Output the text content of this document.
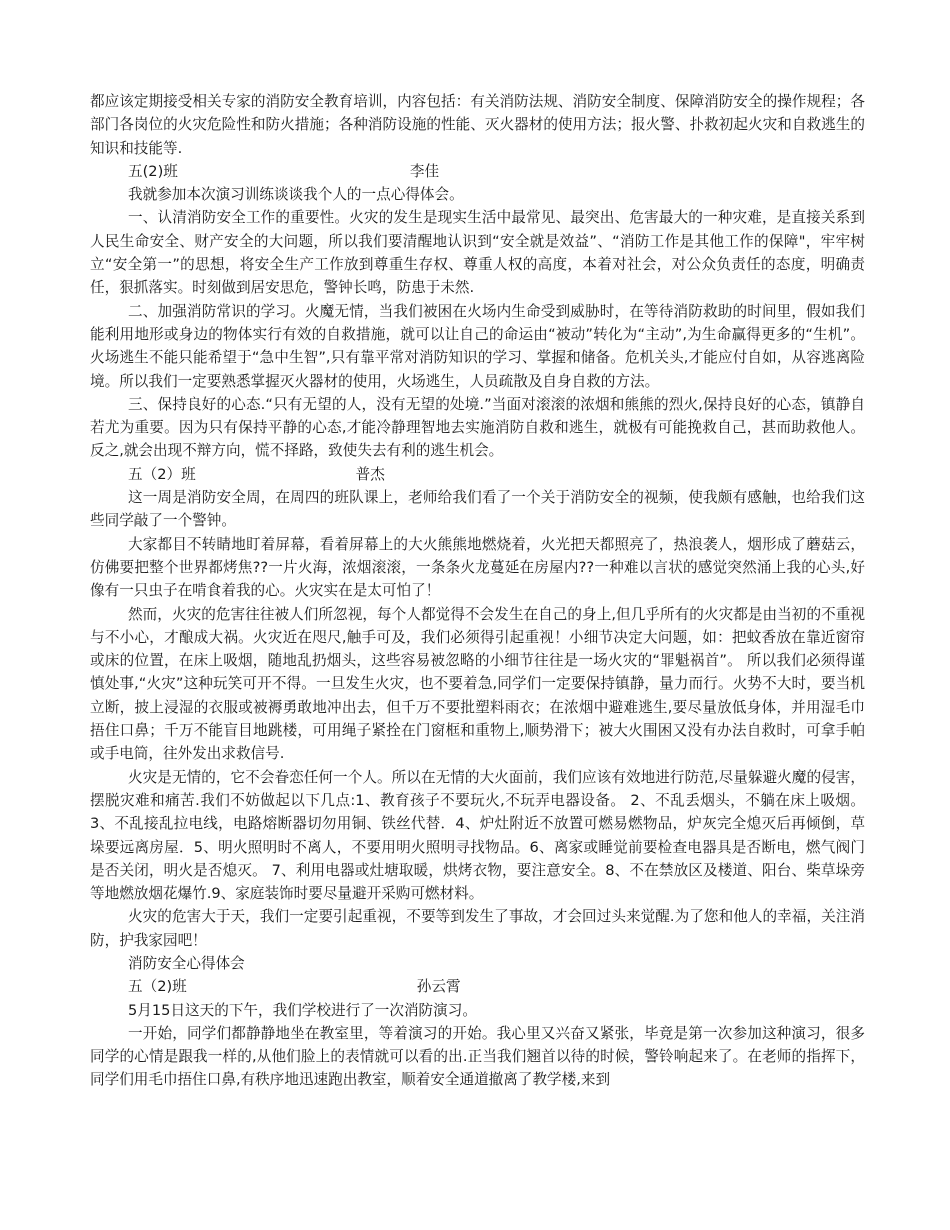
都应该定期接受相关专家的消防安全教育培训，内容包括：有关消防法规、消防安全制度、保障消防安全的操作规程；各部门各岗位的火灾危险性和防火措施；各种消防设施的性能、灭火器材的使用方法；报火警、扑救初起火灾和自救逃生的知识和技能等.

五(2)班	李佳

我就参加本次演习训练谈谈我个人的一点心得体会。

一、认清消防安全工作的重要性。火灾的发生是现实生活中最常见、最突出、危害最大的一种灾难，是直接关系到人民生命安全、财产安全的大问题，所以我们要清醒地认识到“安全就是效益”、“消防工作是其他工作的保障"，牢牢树立“安全第一”的思想，将安全生产工作放到尊重生存权、尊重人权的高度，本着对社会，对公众负责任的态度，明确责任，狠抓落实。时刻做到居安思危，警钟长鸣，防患于未然.

二、加强消防常识的学习。火魔无情，当我们被困在火场内生命受到威胁时，在等待消防救助的时间里，假如我们能利用地形或身边的物体实行有效的自救措施，就可以让自己的命运由“被动”转化为“主动”,为生命赢得更多的“生机”。火场逃生不能只能希望于“急中生智”,只有靠平常对消防知识的学习、掌握和储备。危机关头,才能应付自如，从容逃离险境。所以我们一定要熟悉掌握灭火器材的使用，火场逃生，人员疏散及自身自救的方法。

三、保持良好的心态.“只有无望的人，没有无望的处境.”当面对滚滚的浓烟和熊熊的烈火,保持良好的心态，镇静自若尤为重要。因为只有保持平静的心态,才能冷静理智地去实施消防自救和逃生，就极有可能挽救自己，甚而助救他人。反之,就会出现不辩方向，慌不择路，致使失去有利的逃生机会。

五（2）班	普杰

这一周是消防安全周，在周四的班队课上，老师给我们看了一个关于消防安全的视频，使我颇有感触，也给我们这些同学敲了一个警钟。

大家都目不转睛地盯着屏幕，看着屏幕上的大火熊熊地燃烧着，火光把天都照亮了，热浪袭人，烟形成了蘑菇云，仿佛要把整个世界都烤焦??一片火海，浓烟滚滚，一条条火龙蔓延在房屋内??一种难以言状的感觉突然涌上我的心头,好像有一只虫子在啃食着我的心。火灾实在是太可怕了！

然而，火灾的危害往往被人们所忽视，每个人都觉得不会发生在自己的身上,但几乎所有的火灾都是由当初的不重视与不小心，才酿成大祸。火灾近在咫尺,触手可及，我们必须得引起重视！小细节决定大问题，如：把蚊香放在靠近窗帘或床的位置，在床上吸烟，随地乱扔烟头，这些容易被忽略的小细节往往是一场火灾的“罪魁祸首”。 所以我们必须得谨慎处事,“火灾”这种玩笑可开不得。一旦发生火灾，也不要着急,同学们一定要保持镇静，量力而行。火势不大时，要当机立断，披上浸湿的衣服或被褥勇敢地冲出去，但千万不要批塑料雨衣；在浓烟中避难逃生,要尽量放低身体，并用湿毛巾捂住口鼻；千万不能盲目地跳楼，可用绳子紧拴在门窗框和重物上,顺势滑下；被大火围困又没有办法自救时，可拿手帕或手电筒，往外发出求救信号.

火灾是无情的，它不会眷恋任何一个人。所以在无情的大火面前，我们应该有效地进行防范,尽量躲避火魔的侵害，摆脱灾难和痛苦.我们不妨做起以下几点:1、教育孩子不要玩火,不玩弄电器设备。 2、不乱丢烟头，不躺在床上吸烟。 3、不乱接乱拉电线，电路熔断器切勿用铜、铁丝代替．4、炉灶附近不放置可燃易燃物品，炉灰完全熄灭后再倾倒，草垛要远离房屋．5、明火照明时不离人，不要用明火照明寻找物品。6、离家或睡觉前要检查电器具是否断电，燃气阀门是否关闭，明火是否熄灭。 7、利用电器或灶塘取暖，烘烤衣物，要注意安全。8、不在禁放区及楼道、阳台、柴草垛旁等地燃放烟花爆竹.9、家庭装饰时要尽量避开采购可燃材料。

火灾的危害大于天，我们一定要引起重视，不要等到发生了事故，才会回过头来觉醒.为了您和他人的幸福，关注消防，护我家园吧！

消防安全心得体会

五（2)班	孙云霄

5月15日这天的下午，我们学校进行了一次消防演习。

一开始，同学们都静静地坐在教室里，等着演习的开始。我心里又兴奋又紧张，毕竟是第一次参加这种演习，很多同学的心情是跟我一样的,从他们脸上的表情就可以看的出.正当我们翘首以待的时候，警铃响起来了。在老师的指挥下，同学们用毛巾捂住口鼻,有秩序地迅速跑出教室，顺着安全通道撤离了教学楼,来到
